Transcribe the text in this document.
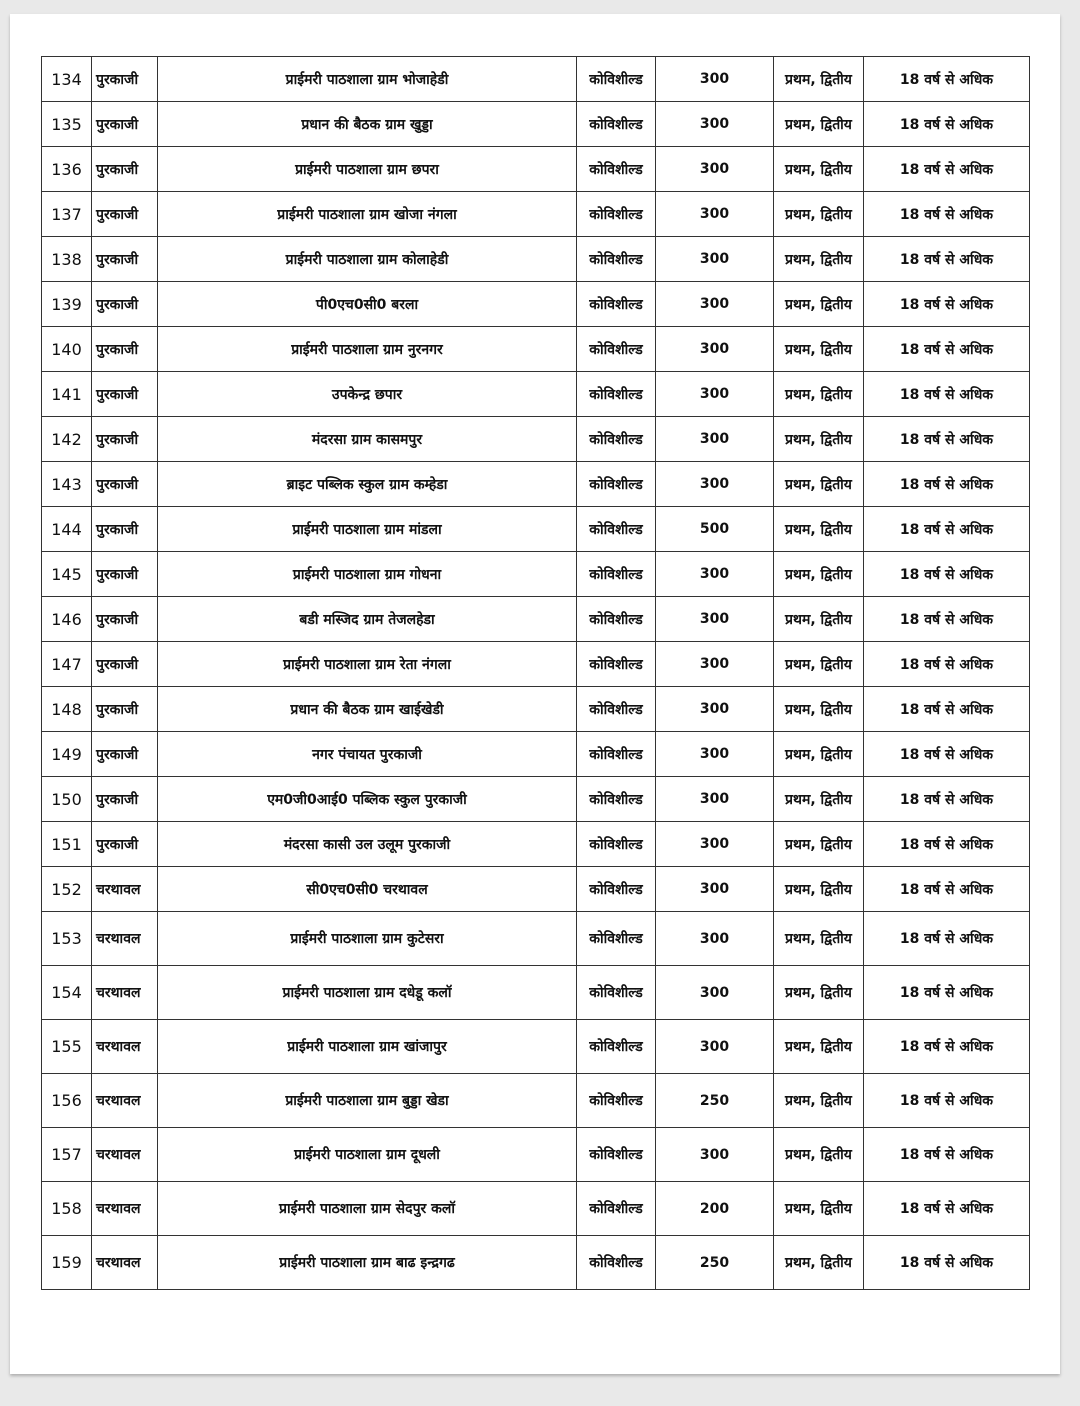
134	पुरकाजी	प्राईमरी पाठशाला ग्राम भोजाहेडी	कोविशील्ड	300	प्रथम, द्वितीय	18 वर्ष से अधिक
135	पुरकाजी	प्रधान की बैठक ग्राम खुड्डा	कोविशील्ड	300	प्रथम, द्वितीय	18 वर्ष से अधिक
136	पुरकाजी	प्राईमरी पाठशाला ग्राम छपरा	कोविशील्ड	300	प्रथम, द्वितीय	18 वर्ष से अधिक
137	पुरकाजी	प्राईमरी पाठशाला ग्राम खोजा नंगला	कोविशील्ड	300	प्रथम, द्वितीय	18 वर्ष से अधिक
138	पुरकाजी	प्राईमरी पाठशाला ग्राम कोलाहेडी	कोविशील्ड	300	प्रथम, द्वितीय	18 वर्ष से अधिक
139	पुरकाजी	पी0एच0सी0 बरला	कोविशील्ड	300	प्रथम, द्वितीय	18 वर्ष से अधिक
140	पुरकाजी	प्राईमरी पाठशाला ग्राम नुरनगर	कोविशील्ड	300	प्रथम, द्वितीय	18 वर्ष से अधिक
141	पुरकाजी	उपकेन्द्र छपार	कोविशील्ड	300	प्रथम, द्वितीय	18 वर्ष से अधिक
142	पुरकाजी	मंदरसा ग्राम कासमपुर	कोविशील्ड	300	प्रथम, द्वितीय	18 वर्ष से अधिक
143	पुरकाजी	ब्राइट पब्लिक स्कुल ग्राम कम्हेडा	कोविशील्ड	300	प्रथम, द्वितीय	18 वर्ष से अधिक
144	पुरकाजी	प्राईमरी पाठशाला ग्राम मांडला	कोविशील्ड	500	प्रथम, द्वितीय	18 वर्ष से अधिक
145	पुरकाजी	प्राईमरी पाठशाला ग्राम गोधना	कोविशील्ड	300	प्रथम, द्वितीय	18 वर्ष से अधिक
146	पुरकाजी	बडी मस्जिद ग्राम तेजलहेडा	कोविशील्ड	300	प्रथम, द्वितीय	18 वर्ष से अधिक
147	पुरकाजी	प्राईमरी पाठशाला ग्राम रेता नंगला	कोविशील्ड	300	प्रथम, द्वितीय	18 वर्ष से अधिक
148	पुरकाजी	प्रधान की बैठक ग्राम खाईखेडी	कोविशील्ड	300	प्रथम, द्वितीय	18 वर्ष से अधिक
149	पुरकाजी	नगर पंचायत पुरकाजी	कोविशील्ड	300	प्रथम, द्वितीय	18 वर्ष से अधिक
150	पुरकाजी	एम0जी0आई0 पब्लिक स्कुल पुरकाजी	कोविशील्ड	300	प्रथम, द्वितीय	18 वर्ष से अधिक
151	पुरकाजी	मंदरसा कासी उल उलूम पुरकाजी	कोविशील्ड	300	प्रथम, द्वितीय	18 वर्ष से अधिक
152	चरथावल	सी0एच0सी0 चरथावल	कोविशील्ड	300	प्रथम, द्वितीय	18 वर्ष से अधिक
153	चरथावल	प्राईमरी पाठशाला ग्राम कुटेसरा	कोविशील्ड	300	प्रथम, द्वितीय	18 वर्ष से अधिक
154	चरथावल	प्राईमरी पाठशाला ग्राम दधेडू कलॉ	कोविशील्ड	300	प्रथम, द्वितीय	18 वर्ष से अधिक
155	चरथावल	प्राईमरी पाठशाला ग्राम खांजापुर	कोविशील्ड	300	प्रथम, द्वितीय	18 वर्ष से अधिक
156	चरथावल	प्राईमरी पाठशाला ग्राम बुड्डा खेडा	कोविशील्ड	250	प्रथम, द्वितीय	18 वर्ष से अधिक
157	चरथावल	प्राईमरी पाठशाला ग्राम दूधली	कोविशील्ड	300	प्रथम, द्वितीय	18 वर्ष से अधिक
158	चरथावल	प्राईमरी पाठशाला ग्राम सेदपुर कलॉ	कोविशील्ड	200	प्रथम, द्वितीय	18 वर्ष से अधिक
159	चरथावल	प्राईमरी पाठशाला ग्राम बाढ इन्द्रगढ	कोविशील्ड	250	प्रथम, द्वितीय	18 वर्ष से अधिक
